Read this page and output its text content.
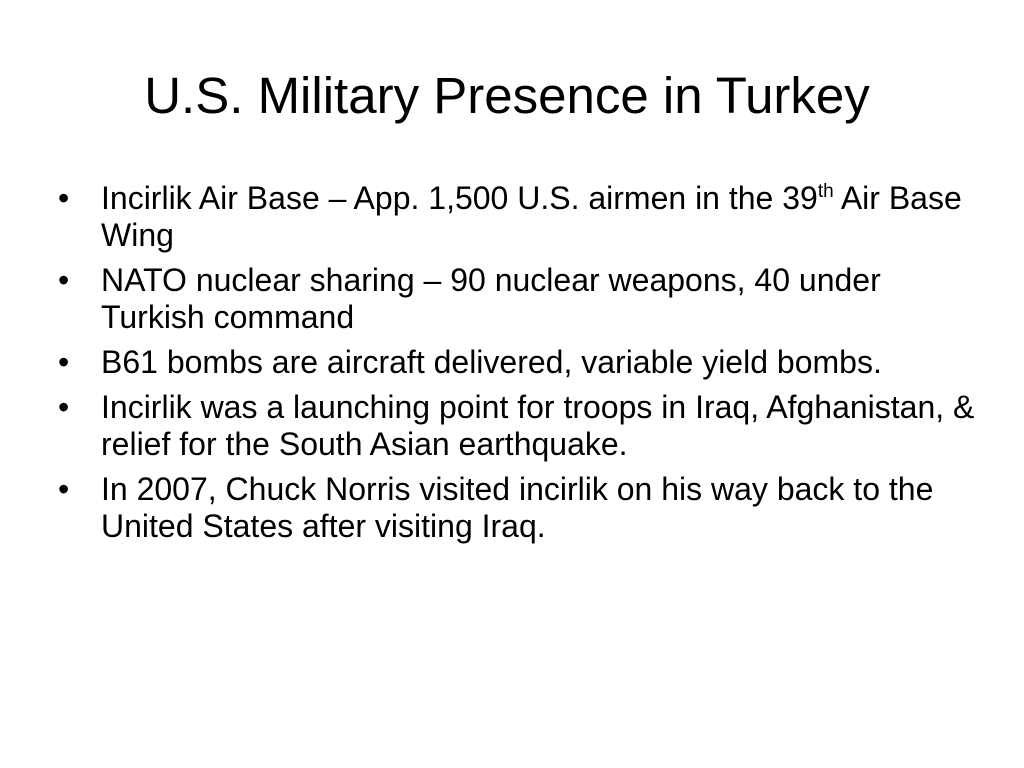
U.S. Military Presence in Turkey
• Incirlik Air Base – App. 1,500 U.S. airmen in the 39th Air Base Wing
• NATO nuclear sharing – 90 nuclear weapons, 40 under Turkish command
• B61 bombs are aircraft delivered, variable yield bombs.
• Incirlik was a launching point for troops in Iraq, Afghanistan, & relief for the South Asian earthquake.
• In 2007, Chuck Norris visited incirlik on his way back to the United States after visiting Iraq.
